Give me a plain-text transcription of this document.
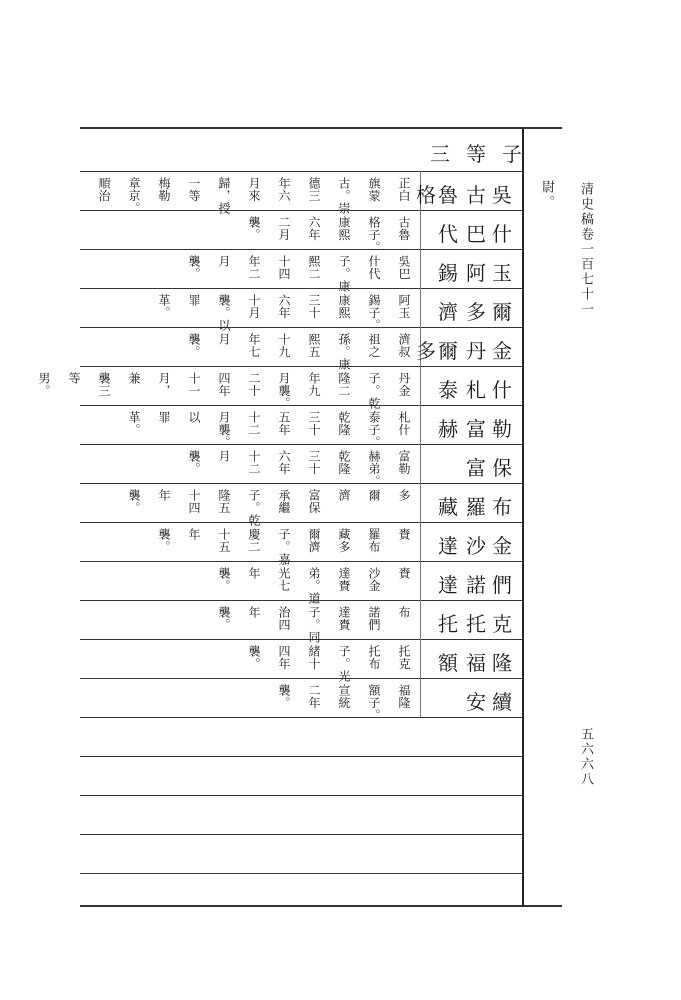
三等子
清史稿卷一百七十一
尉。
五六六八
古吳
格魯
正白
旗蒙
古。崇
德三
年六
月來
歸，授
一等
梅勒
章京。
順治
巴什
代
古魯
格子。
康熙
六年
二月
襲。
阿玉
錫
吳巴
什代
子。康
熙二
十四
年二
月
襲。
多爾
濟
阿玉
錫子。
康熙
三十
六年
十月
襲。以
罪
革。
丹金
多爾
濟叔
祖之
孫。康
熙五
十九
年七
月
襲。
札什
泰
丹金
子。乾
隆二
年九
月襲。
二十
四年
十一
月，
兼
襲三
等
男。
富勒
赫
札什
泰子。
乾隆
三十
五年
十二
月襲。
以
罪
革。
富保
富勒
赫弟。
乾隆
三十
六年
十二
月
襲。
羅布
藏
多
爾
濟
富保
承繼
子。乾
隆五
十四
年
襲。
沙金
達
賚
羅布
藏多
爾濟
子。嘉
慶二
十五
年
襲。
諾們
達
賚
沙金
達賚
弟。道
光七
年
襲。
托克
托
布
諾們
達賚
子。同
治四
年
襲。
福隆
額
托克
托布
子。光
緒十
四年
襲。
安續
福隆
額子。
宣統
二年
襲。
